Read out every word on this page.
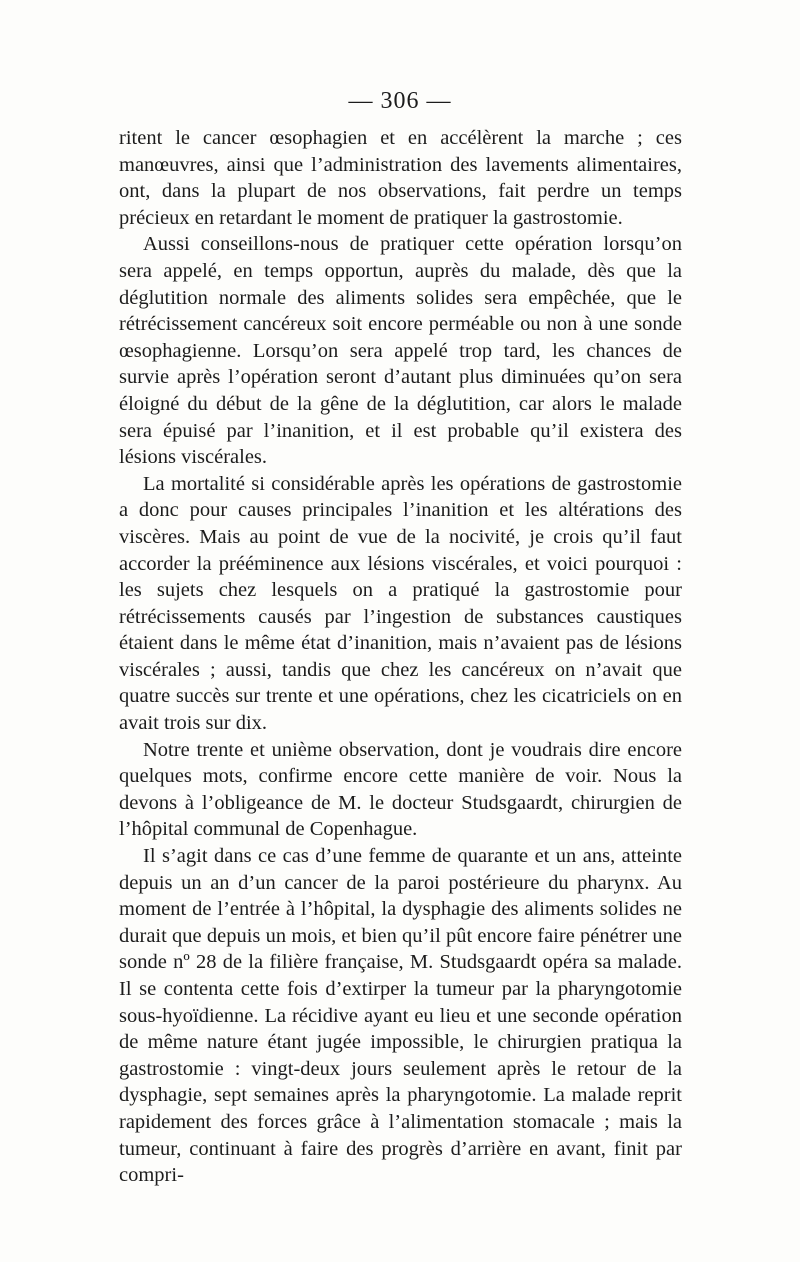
— 306 —

ritent le cancer œsophagien et en accélèrent la marche ; ces manœuvres, ainsi que l’administration des lavements alimentaires, ont, dans la plupart de nos observations, fait perdre un temps précieux en retardant le moment de pratiquer la gastrostomie.

Aussi conseillons-nous de pratiquer cette opération lorsqu’on sera appelé, en temps opportun, auprès du malade, dès que la déglutition normale des aliments solides sera empêchée, que le rétrécissement cancéreux soit encore perméable ou non à une sonde œsophagienne. Lorsqu’on sera appelé trop tard, les chances de survie après l’opération seront d’autant plus diminuées qu’on sera éloigné du début de la gêne de la déglutition, car alors le malade sera épuisé par l’inanition, et il est probable qu’il existera des lésions viscérales.

La mortalité si considérable après les opérations de gastrostomie a donc pour causes principales l’inanition et les altérations des viscères. Mais au point de vue de la nocivité, je crois qu’il faut accorder la prééminence aux lésions viscérales, et voici pourquoi : les sujets chez lesquels on a pratiqué la gastrostomie pour rétrécissements causés par l’ingestion de substances caustiques étaient dans le même état d’inanition, mais n’avaient pas de lésions viscérales ; aussi, tandis que chez les cancéreux on n’avait que quatre succès sur trente et une opérations, chez les cicatriciels on en avait trois sur dix.

Notre trente et unième observation, dont je voudrais dire encore quelques mots, confirme encore cette manière de voir. Nous la devons à l’obligeance de M. le docteur Studsgaardt, chirurgien de l’hôpital communal de Copenhague.

Il s’agit dans ce cas d’une femme de quarante et un ans, atteinte depuis un an d’un cancer de la paroi postérieure du pharynx. Au moment de l’entrée à l’hôpital, la dysphagie des aliments solides ne durait que depuis un mois, et bien qu’il pût encore faire pénétrer une sonde nº 28 de la filière française, M. Studsgaardt opéra sa malade. Il se contenta cette fois d’extirper la tumeur par la pharyngotomie sous-hyoïdienne. La récidive ayant eu lieu et une seconde opération de même nature étant jugée impossible, le chirurgien pratiqua la gastrostomie : vingt-deux jours seulement après le retour de la dysphagie, sept semaines après la pharyngotomie. La malade reprit rapidement des forces grâce à l’alimentation stomacale ; mais la tumeur, continuant à faire des progrès d’arrière en avant, finit par compri-
